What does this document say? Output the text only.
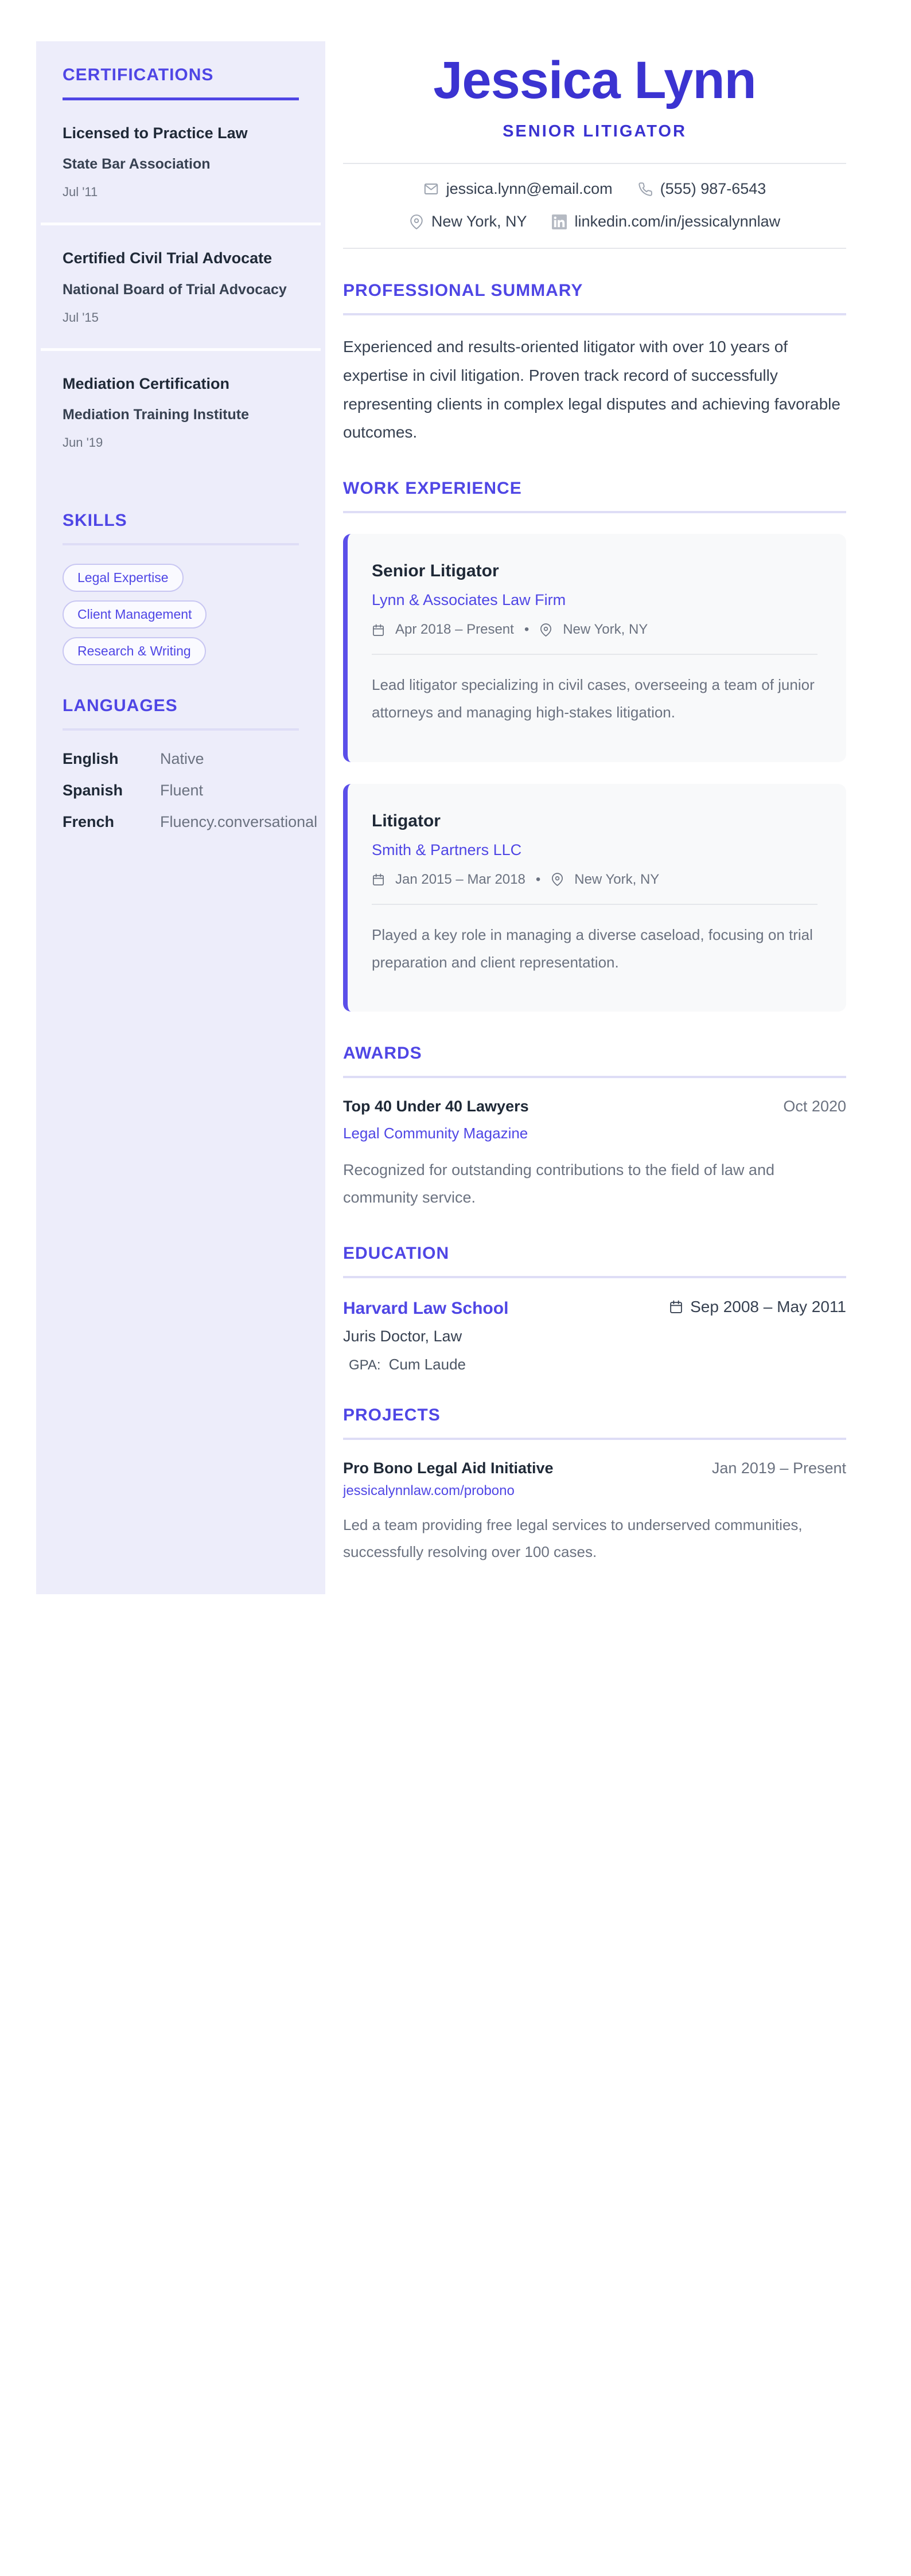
CERTIFICATIONS
Licensed to Practice Law
State Bar Association
Jul '11
Certified Civil Trial Advocate
National Board of Trial Advocacy
Jul '15
Mediation Certification
Mediation Training Institute
Jun '19
SKILLS
Legal Expertise
Client Management
Research & Writing
LANGUAGES
English	Native
Spanish	Fluent
French	Fluency.conversational
Jessica Lynn
SENIOR LITIGATOR
jessica.lynn@email.com	(555) 987-6543
New York, NY	linkedin.com/in/jessicalynnlaw
PROFESSIONAL SUMMARY

Experienced and results-oriented litigator with over 10 years of expertise in civil litigation. Proven track record of successfully representing clients in complex legal disputes and achieving favorable outcomes.

WORK EXPERIENCE
Senior Litigator
Lynn & Associates Law Firm
Apr 2018 – Present • New York, NY

Lead litigator specializing in civil cases, overseeing a team of junior attorneys and managing high-stakes litigation.

Litigator
Smith & Partners LLC
Jan 2015 – Mar 2018 • New York, NY

Played a key role in managing a diverse caseload, focusing on trial preparation and client representation.

AWARDS
Top 40 Under 40 Lawyers	Oct 2020
Legal Community Magazine

Recognized for outstanding contributions to the field of law and community service.

EDUCATION
Harvard Law School	Sep 2008 – May 2011
Juris Doctor, Law
GPA: Cum Laude
PROJECTS
Pro Bono Legal Aid Initiative	Jan 2019 – Present
jessicalynnlaw.com/probono

Led a team providing free legal services to underserved communities, successfully resolving over 100 cases.
